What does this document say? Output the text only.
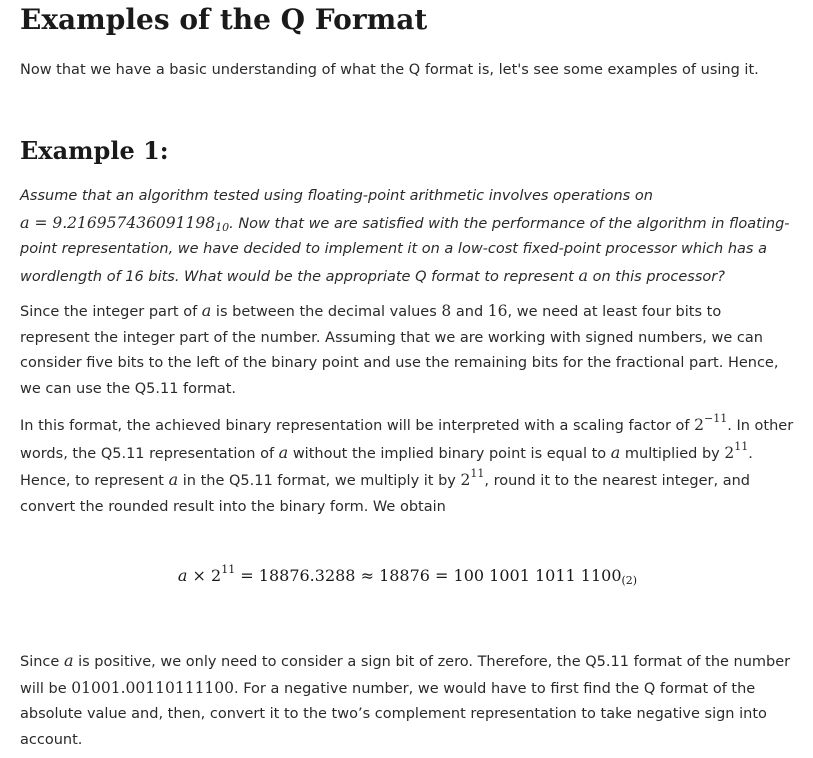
Examples of the Q Format

Now that we have a basic understanding of what the Q format is, let's see some examples of using it.

Example 1:

Assume that an algorithm tested using floating-point arithmetic involves operations on
$a = 9.216957436091198_{10}$. Now that we are satisfied with the performance of the algorithm in floating-point representation, we have decided to implement it on a low-cost fixed-point processor which has a wordlength of 16 bits. What would be the appropriate Q format to represent a on this processor?

Since the integer part of a is between the decimal values 8 and 16, we need at least four bits to represent the integer part of the number. Assuming that we are working with signed numbers, we can consider five bits to the left of the binary point and use the remaining bits for the fractional part. Hence, we can use the Q5.11 format.

In this format, the achieved binary representation will be interpreted with a scaling factor of $2^{-11}$. In other words, the Q5.11 representation of a without the implied binary point is equal to a multiplied by $2^{11}$. Hence, to represent a in the Q5.11 format, we multiply it by $2^{11}$, round it to the nearest integer, and convert the rounded result into the binary form. We obtain

$a \times 2^{11} = 18876.3288 \approx 18876 = 100$ 1001 1011 $1100_{(2)}$

Since a is positive, we only need to consider a sign bit of zero. Therefore, the Q5.11 format of the number will be 01001.00110111100. For a negative number, we would have to first find the Q format of the absolute value and, then, convert it to the two’s complement representation to take negative sign into account.
